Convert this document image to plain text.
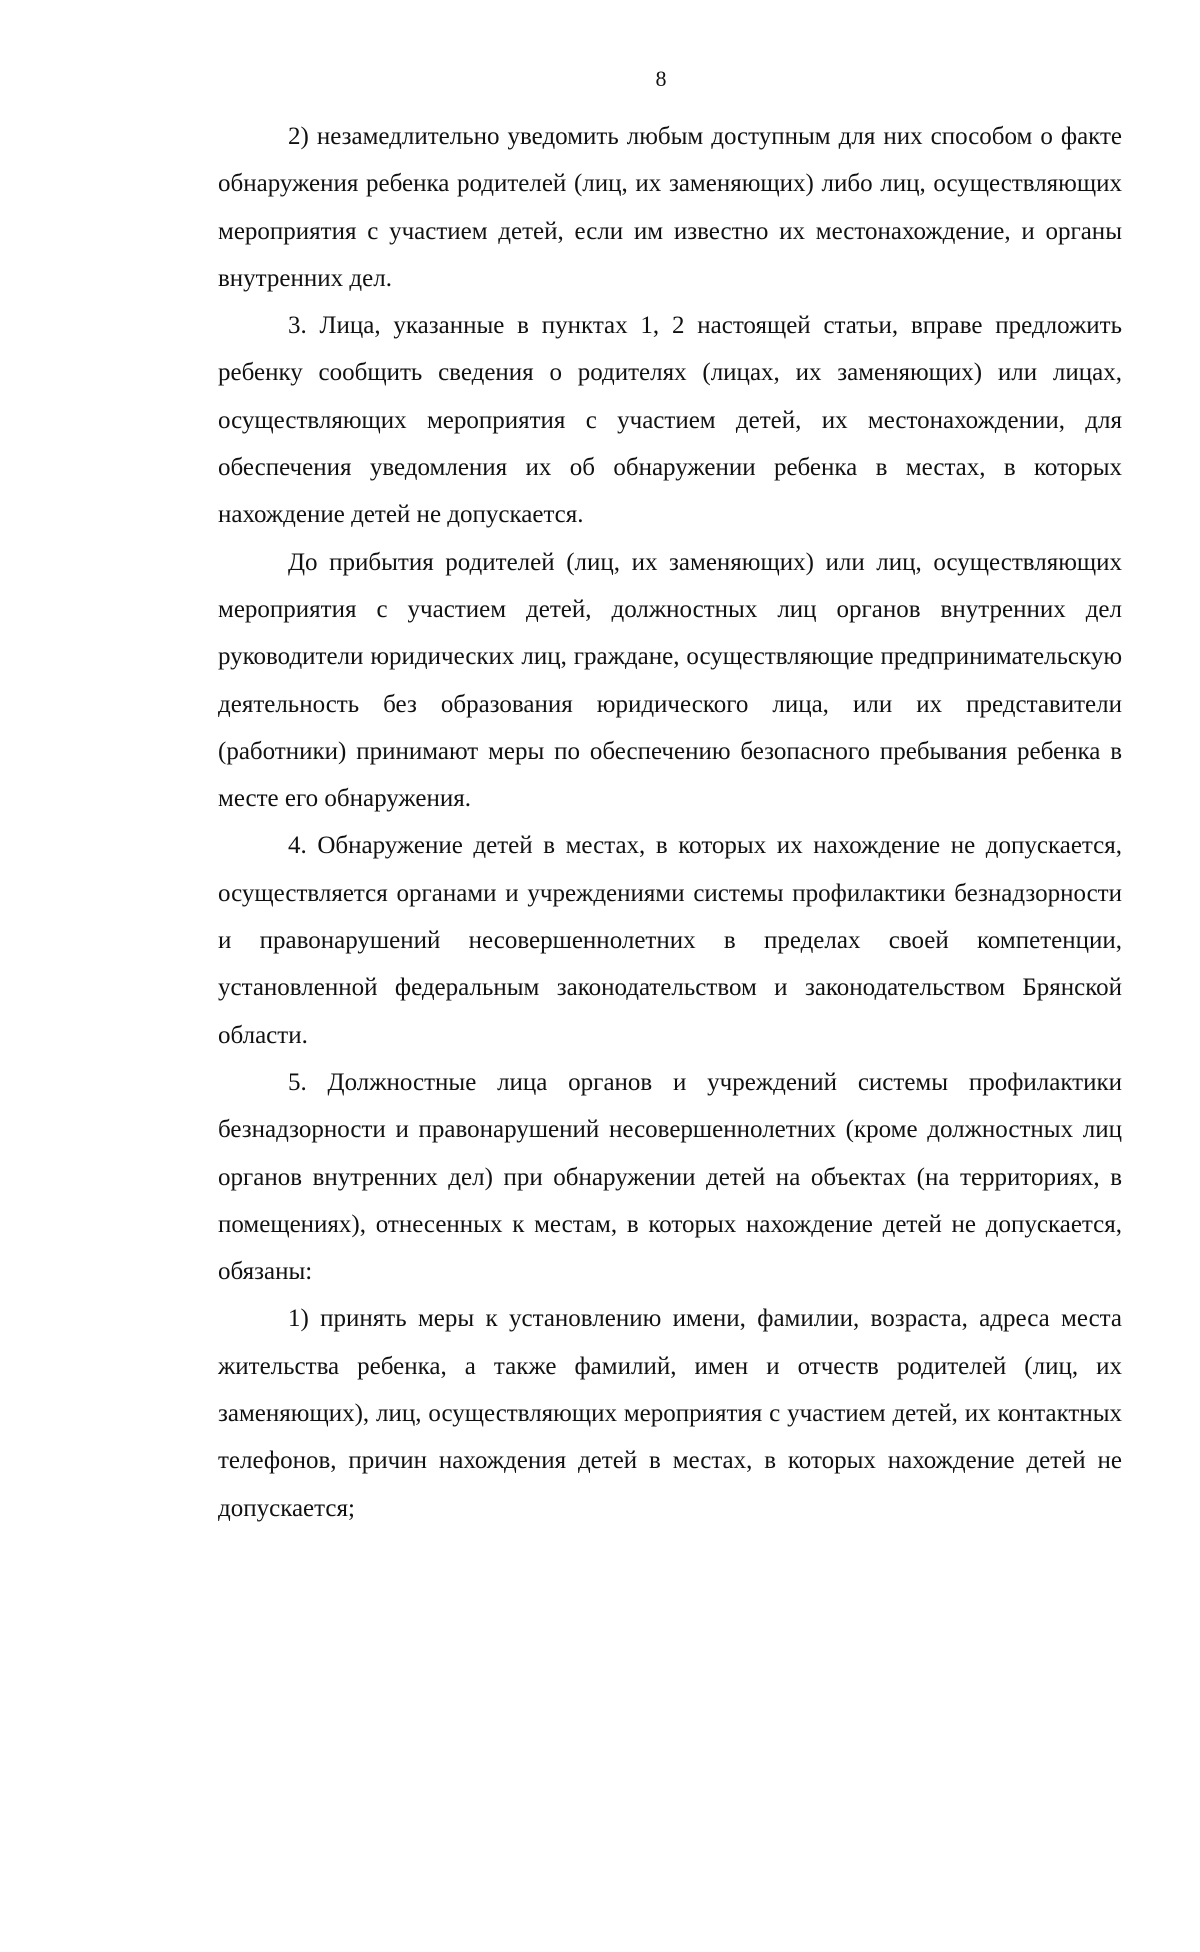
8

2) незамедлительно уведомить любым доступным для них способом о факте обнаружения ребенка родителей (лиц, их заменяющих) либо лиц, осуществляющих мероприятия с участием детей, если им известно их местонахождение, и органы внутренних дел.

3. Лица, указанные в пунктах 1, 2 настоящей статьи, вправе предложить ребенку сообщить сведения о родителях (лицах, их заменяющих) или лицах, осуществляющих мероприятия с участием детей, их местонахождении, для обеспечения уведомления их об обнаружении ребенка в местах, в которых нахождение детей не допускается.

До прибытия родителей (лиц, их заменяющих) или лиц, осуществляющих мероприятия с участием детей, должностных лиц органов внутренних дел руководители юридических лиц, граждане, осуществляющие предпринимательскую деятельность без образования юридического лица, или их представители (работники) принимают меры по обеспечению безопасного пребывания ребенка в месте его обнаружения.

4. Обнаружение детей в местах, в которых их нахождение не допускается, осуществляется органами и учреждениями системы профилактики безнадзорности и правонарушений несовершеннолетних в пределах своей компетенции, установленной федеральным законодательством и законодательством Брянской области.

5. Должностные лица органов и учреждений системы профилактики безнадзорности и правонарушений несовершеннолетних (кроме должностных лиц органов внутренних дел) при обнаружении детей на объектах (на территориях, в помещениях), отнесенных к местам, в которых нахождение детей не допускается, обязаны:

1) принять меры к установлению имени, фамилии, возраста, адреса места жительства ребенка, а также фамилий, имен и отчеств родителей (лиц, их заменяющих), лиц, осуществляющих мероприятия с участием детей, их контактных телефонов, причин нахождения детей в местах, в которых нахождение детей не допускается;
